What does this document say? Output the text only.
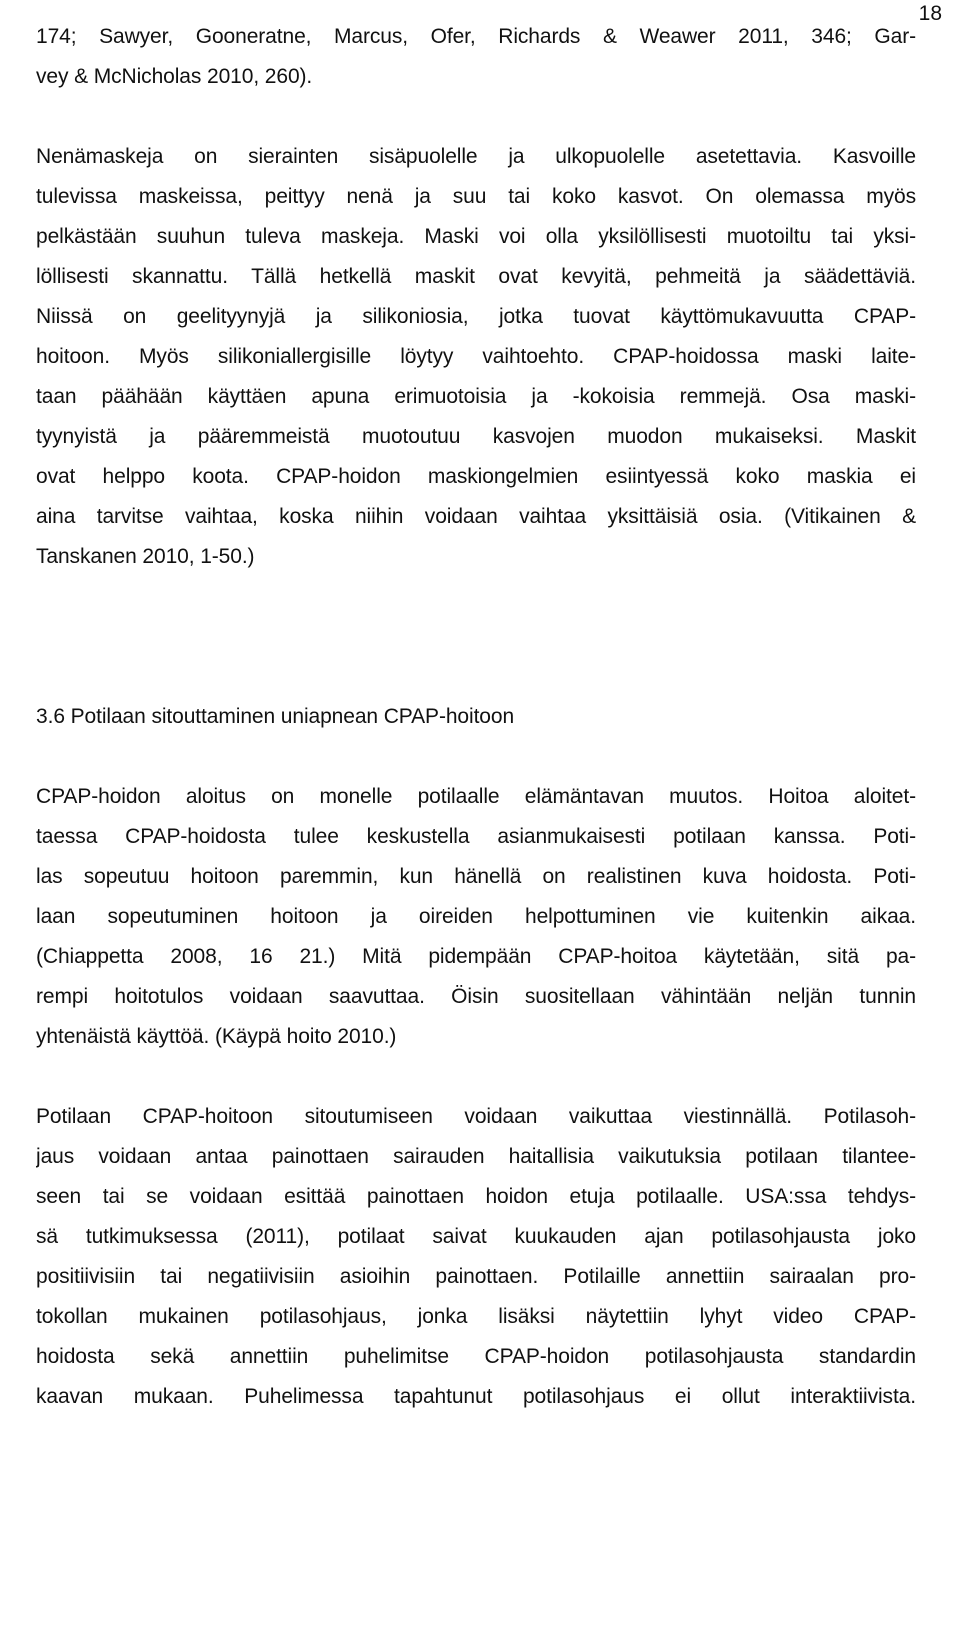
18
174; Sawyer, Gooneratne, Marcus, Ofer, Richards & Weawer 2011, 346; Gar-
vey & McNicholas 2010, 260).
Nenämaskeja on sierainten sisäpuolelle ja ulkopuolelle asetettavia. Kasvoille
tulevissa maskeissa, peittyy nenä ja suu tai koko kasvot. On olemassa myös
pelkästään suuhun tuleva maskeja. Maski voi olla yksilöllisesti muotoiltu tai yksi-
löllisesti skannattu. Tällä hetkellä maskit ovat kevyitä, pehmeitä ja säädettäviä.
Niissä on geelityynyjä ja silikoniosia, jotka tuovat käyttömukavuutta CPAP-
hoitoon. Myös silikoniallergisille löytyy vaihtoehto. CPAP-hoidossa maski laite-
taan päähään käyttäen apuna erimuotoisia ja -kokoisia remmejä. Osa maski-
tyynyistä ja pääremmeistä muotoutuu kasvojen muodon mukaiseksi. Maskit
ovat helppo koota. CPAP-hoidon maskiongelmien esiintyessä koko maskia ei
aina tarvitse vaihtaa, koska niihin voidaan vaihtaa yksittäisiä osia. (Vitikainen &
Tanskanen 2010, 1-50.)
3.6 Potilaan sitouttaminen uniapnean CPAP-hoitoon
CPAP-hoidon aloitus on monelle potilaalle elämäntavan muutos. Hoitoa aloitet-
taessa CPAP-hoidosta tulee keskustella asianmukaisesti potilaan kanssa. Poti-
las sopeutuu hoitoon paremmin, kun hänellä on realistinen kuva hoidosta. Poti-
laan sopeutuminen hoitoon ja oireiden helpottuminen vie kuitenkin aikaa.
(Chiappetta 2008, 16 21.) Mitä pidempään CPAP-hoitoa käytetään, sitä pa-
rempi hoitotulos voidaan saavuttaa. Öisin suositellaan vähintään neljän tunnin
yhtenäistä käyttöä. (Käypä hoito 2010.)
Potilaan CPAP-hoitoon sitoutumiseen voidaan vaikuttaa viestinnällä. Potilasoh-
jaus voidaan antaa painottaen sairauden haitallisia vaikutuksia potilaan tilantee-
seen tai se voidaan esittää painottaen hoidon etuja potilaalle. USA:ssa tehdys-
sä tutkimuksessa (2011), potilaat saivat kuukauden ajan potilasohjausta joko
positiivisiin tai negatiivisiin asioihin painottaen. Potilaille annettiin sairaalan pro-
tokollan mukainen potilasohjaus, jonka lisäksi näytettiin lyhyt video CPAP-
hoidosta sekä annettiin puhelimitse CPAP-hoidon potilasohjausta standardin
kaavan mukaan. Puhelimessa tapahtunut potilasohjaus ei ollut interaktiivista.
